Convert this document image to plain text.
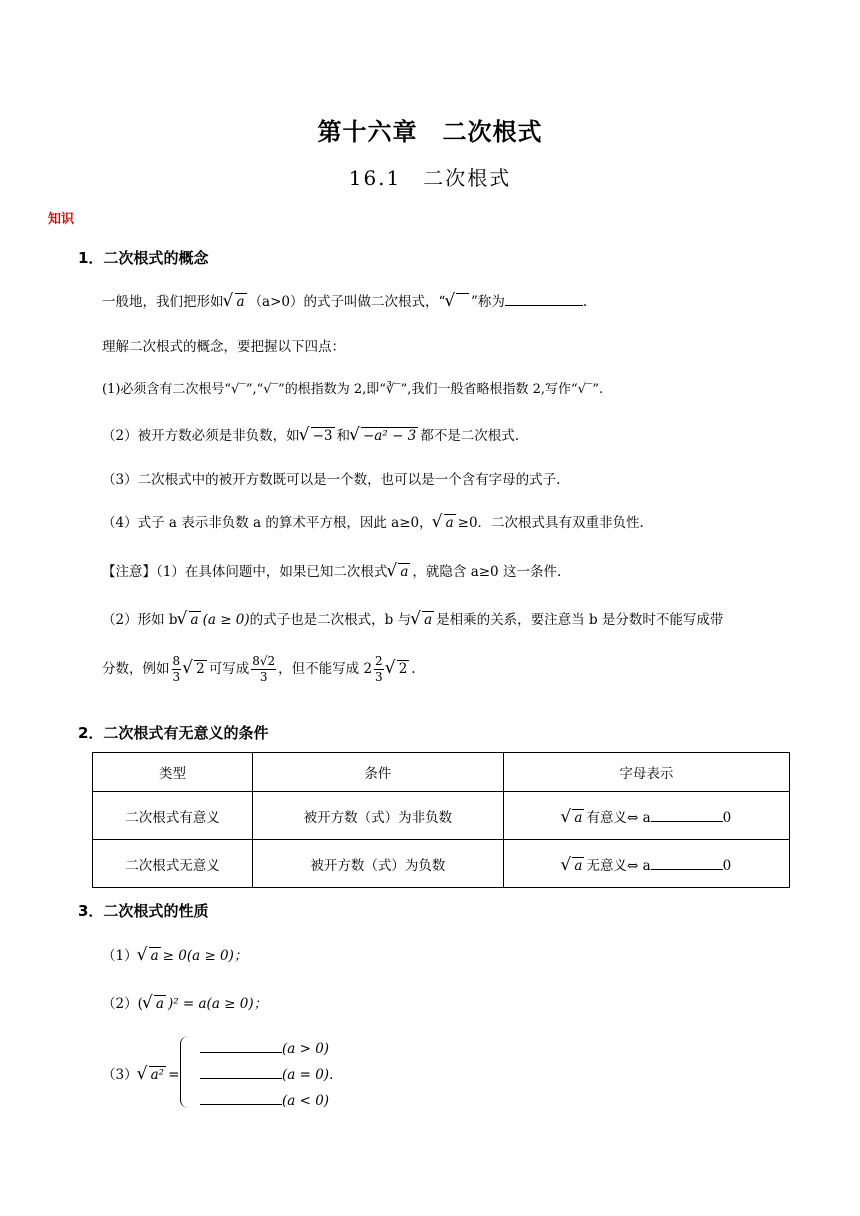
第十六章　二次根式
16.1　二次根式
知识
1．二次根式的概念
一般地，我们把形如 √ a （a>0）的式子叫做二次根式，“ √ ”称为	.
理解二次根式的概念，要把握以下四点：
(1)必须含有二次根号“√‾”,“√‾”的根指数为 2,即“∛‾”,我们一般省略根指数 2,写作“√‾”.
（2）被开方数必须是非负数，如 √ −3 和 √ −a² − 3 都不是二次根式.
（3）二次根式中的被开方数既可以是一个数，也可以是一个含有字母的式子.
（4）式子 a 表示非负数 a 的算术平方根，因此 a≥0， √ a ≥0．二次根式具有双重非负性.
【注意】（1）在具体问题中，如果已知二次根式 √ a ，就隐含 a≥0 这一条件.
（2）形如 b √ a (a ≥ 0)的式子也是二次根式，b 与 √ a 是相乘的关系，要注意当 b 是分数时不能写成带
分数，例如 $\frac{8}{3}$ √ 2 可写成 $\frac{8√2}{3}$ ，但不能写成 $2 \frac{2}{3}$ √ 2 .
2．二次根式有无意义的条件
类型	条件	字母表示
二次根式有意义	被开方数（式）为非负数	√ a 有意义⇔ a 0
二次根式无意义	被开方数（式）为负数	√ a 无意义⇔ a 0
3．二次根式的性质
（1） √ a ≥ 0(a ≥ 0)；
（2）( √ a )² = a(a ≥ 0)；
（3） √ a² =
(a > 0)
(a = 0).
(a < 0)
